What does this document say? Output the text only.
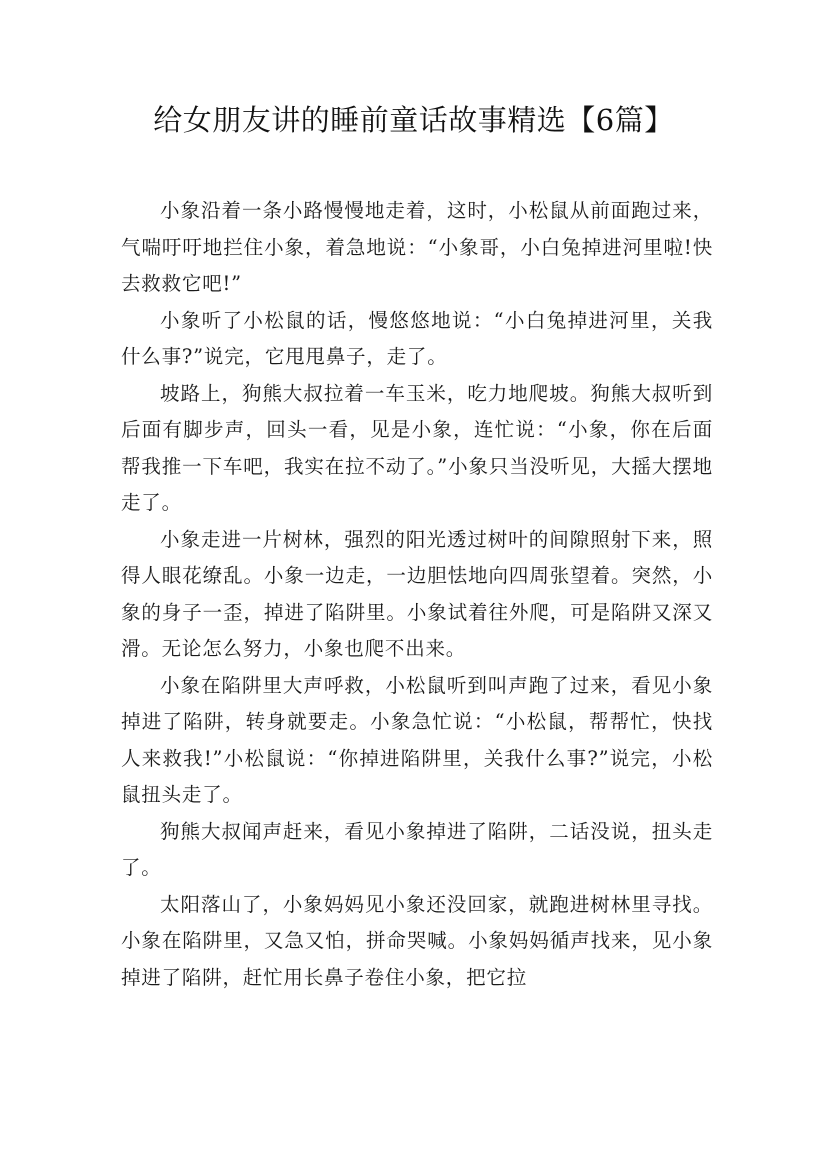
给女朋友讲的睡前童话故事精选【6篇】

小象沿着一条小路慢慢地走着，这时，小松鼠从前面跑过来，气喘吁吁地拦住小象，着急地说：“小象哥，小白兔掉进河里啦!快去救救它吧!”

小象听了小松鼠的话，慢悠悠地说：“小白兔掉进河里，关我什么事?”说完，它甩甩鼻子，走了。

坡路上，狗熊大叔拉着一车玉米，吃力地爬坡。狗熊大叔听到后面有脚步声，回头一看，见是小象，连忙说：“小象，你在后面帮我推一下车吧，我实在拉不动了。”小象只当没听见，大摇大摆地走了。

小象走进一片树林，强烈的阳光透过树叶的间隙照射下来，照得人眼花缭乱。小象一边走，一边胆怯地向四周张望着。突然，小象的身子一歪，掉进了陷阱里。小象试着往外爬，可是陷阱又深又滑。无论怎么努力，小象也爬不出来。

小象在陷阱里大声呼救，小松鼠听到叫声跑了过来，看见小象掉进了陷阱，转身就要走。小象急忙说：“小松鼠，帮帮忙，快找人来救我!”小松鼠说：“你掉进陷阱里，关我什么事?”说完，小松鼠扭头走了。

狗熊大叔闻声赶来，看见小象掉进了陷阱，二话没说，扭头走了。

太阳落山了，小象妈妈见小象还没回家，就跑进树林里寻找。小象在陷阱里，又急又怕，拼命哭喊。小象妈妈循声找来，见小象掉进了陷阱，赶忙用长鼻子卷住小象，把它拉
